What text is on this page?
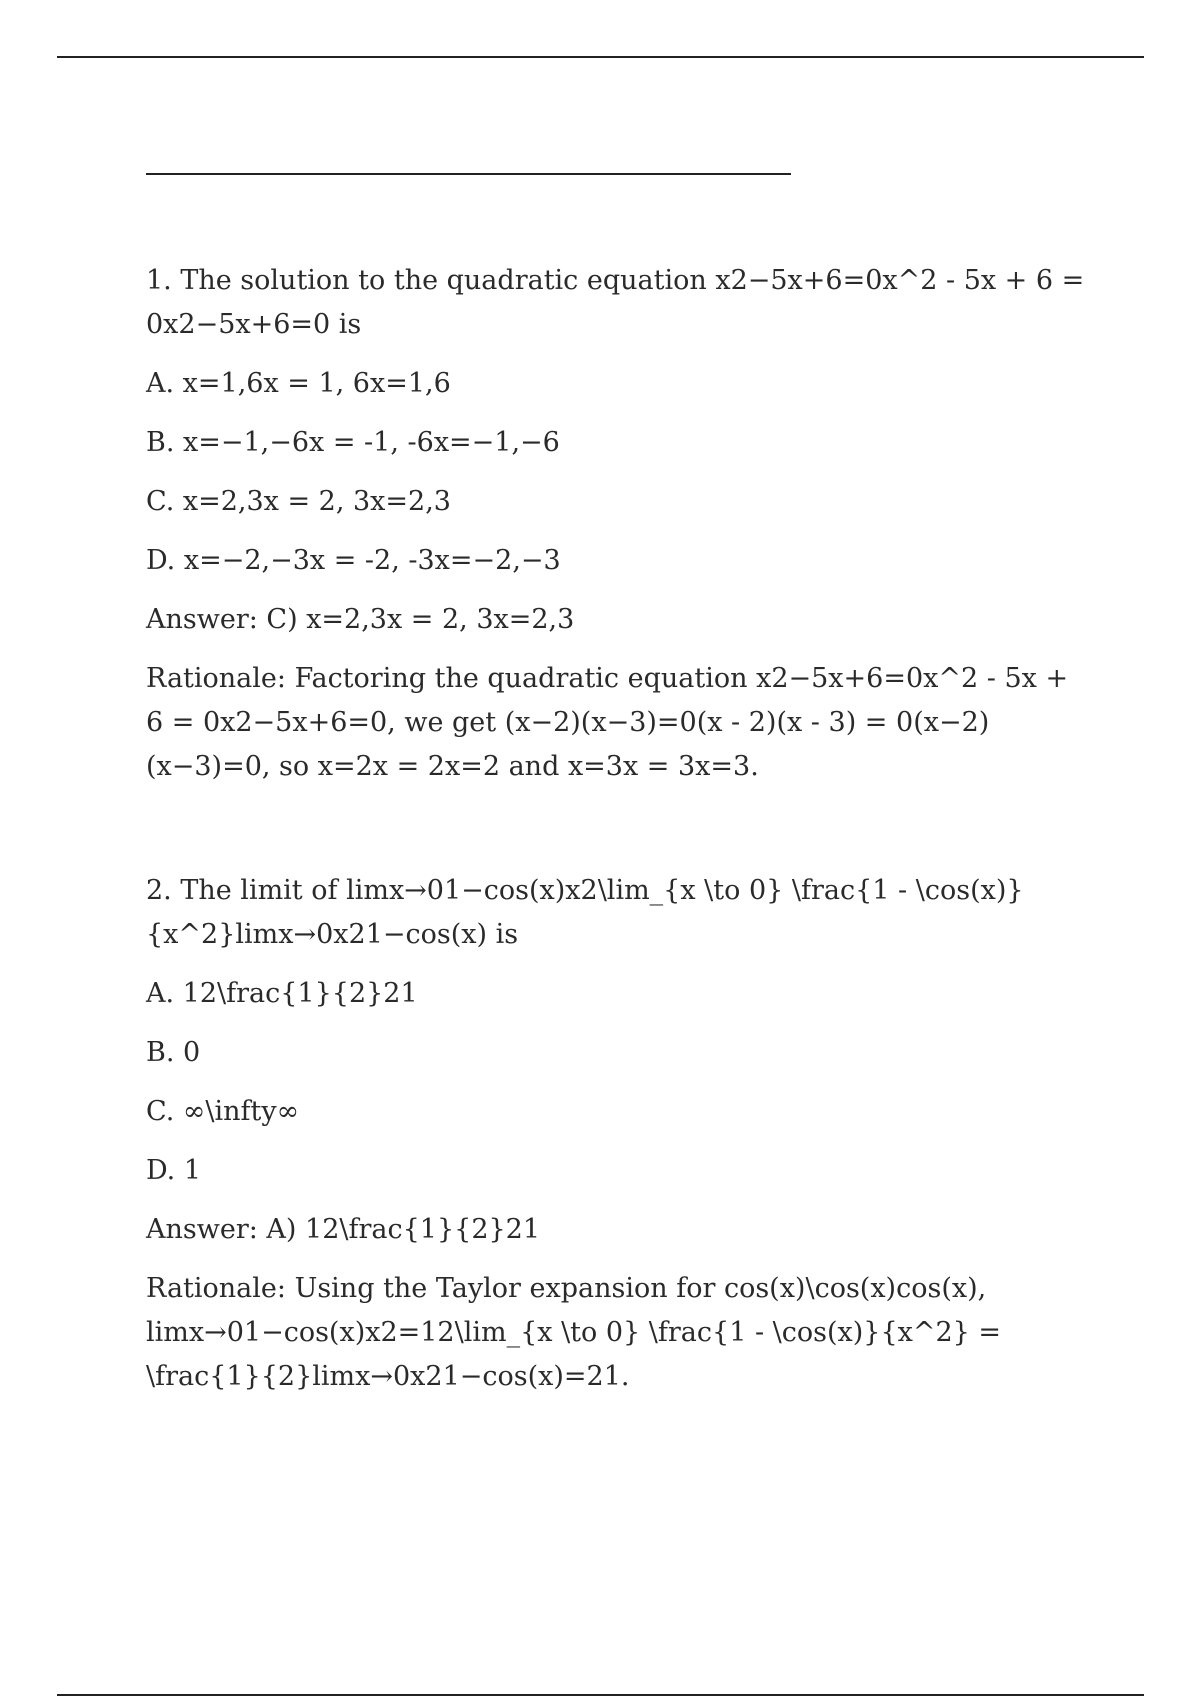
1. The solution to the quadratic equation x2−5x+6=0x^2 - 5x + 6 = 0x2−5x+6=0 is

A. x=1,6x = 1, 6x=1,6

B. x=−1,−6x = -1, -6x=−1,−6

C. x=2,3x = 2, 3x=2,3

D. x=−2,−3x = -2, -3x=−2,−3

Answer: C) x=2,3x = 2, 3x=2,3

Rationale: Factoring the quadratic equation x2−5x+6=0x^2 - 5x + 6 = 0x2−5x+6=0, we get (x−2)(x−3)=0(x - 2)(x - 3) = 0(x−2)(x−3)=0, so x=2x = 2x=2 and x=3x = 3x=3.

2. The limit of lim⁡x→01−cos⁡(x)x2\lim_{x \to 0} \frac{1 - \cos(x)}{x^2}limx→0x21−cos(x) is

A. 12\frac{1}{2}21

B. 0

C. ∞\infty∞

D. 1

Answer: A) 12\frac{1}{2}21

Rationale: Using the Taylor expansion for cos⁡(x)\cos(x)cos(x), lim⁡x→01−cos⁡(x)x2=12\lim_{x \to 0} \frac{1 - \cos(x)}{x^2} = \frac{1}{2}limx→0x21−cos(x)=21.
